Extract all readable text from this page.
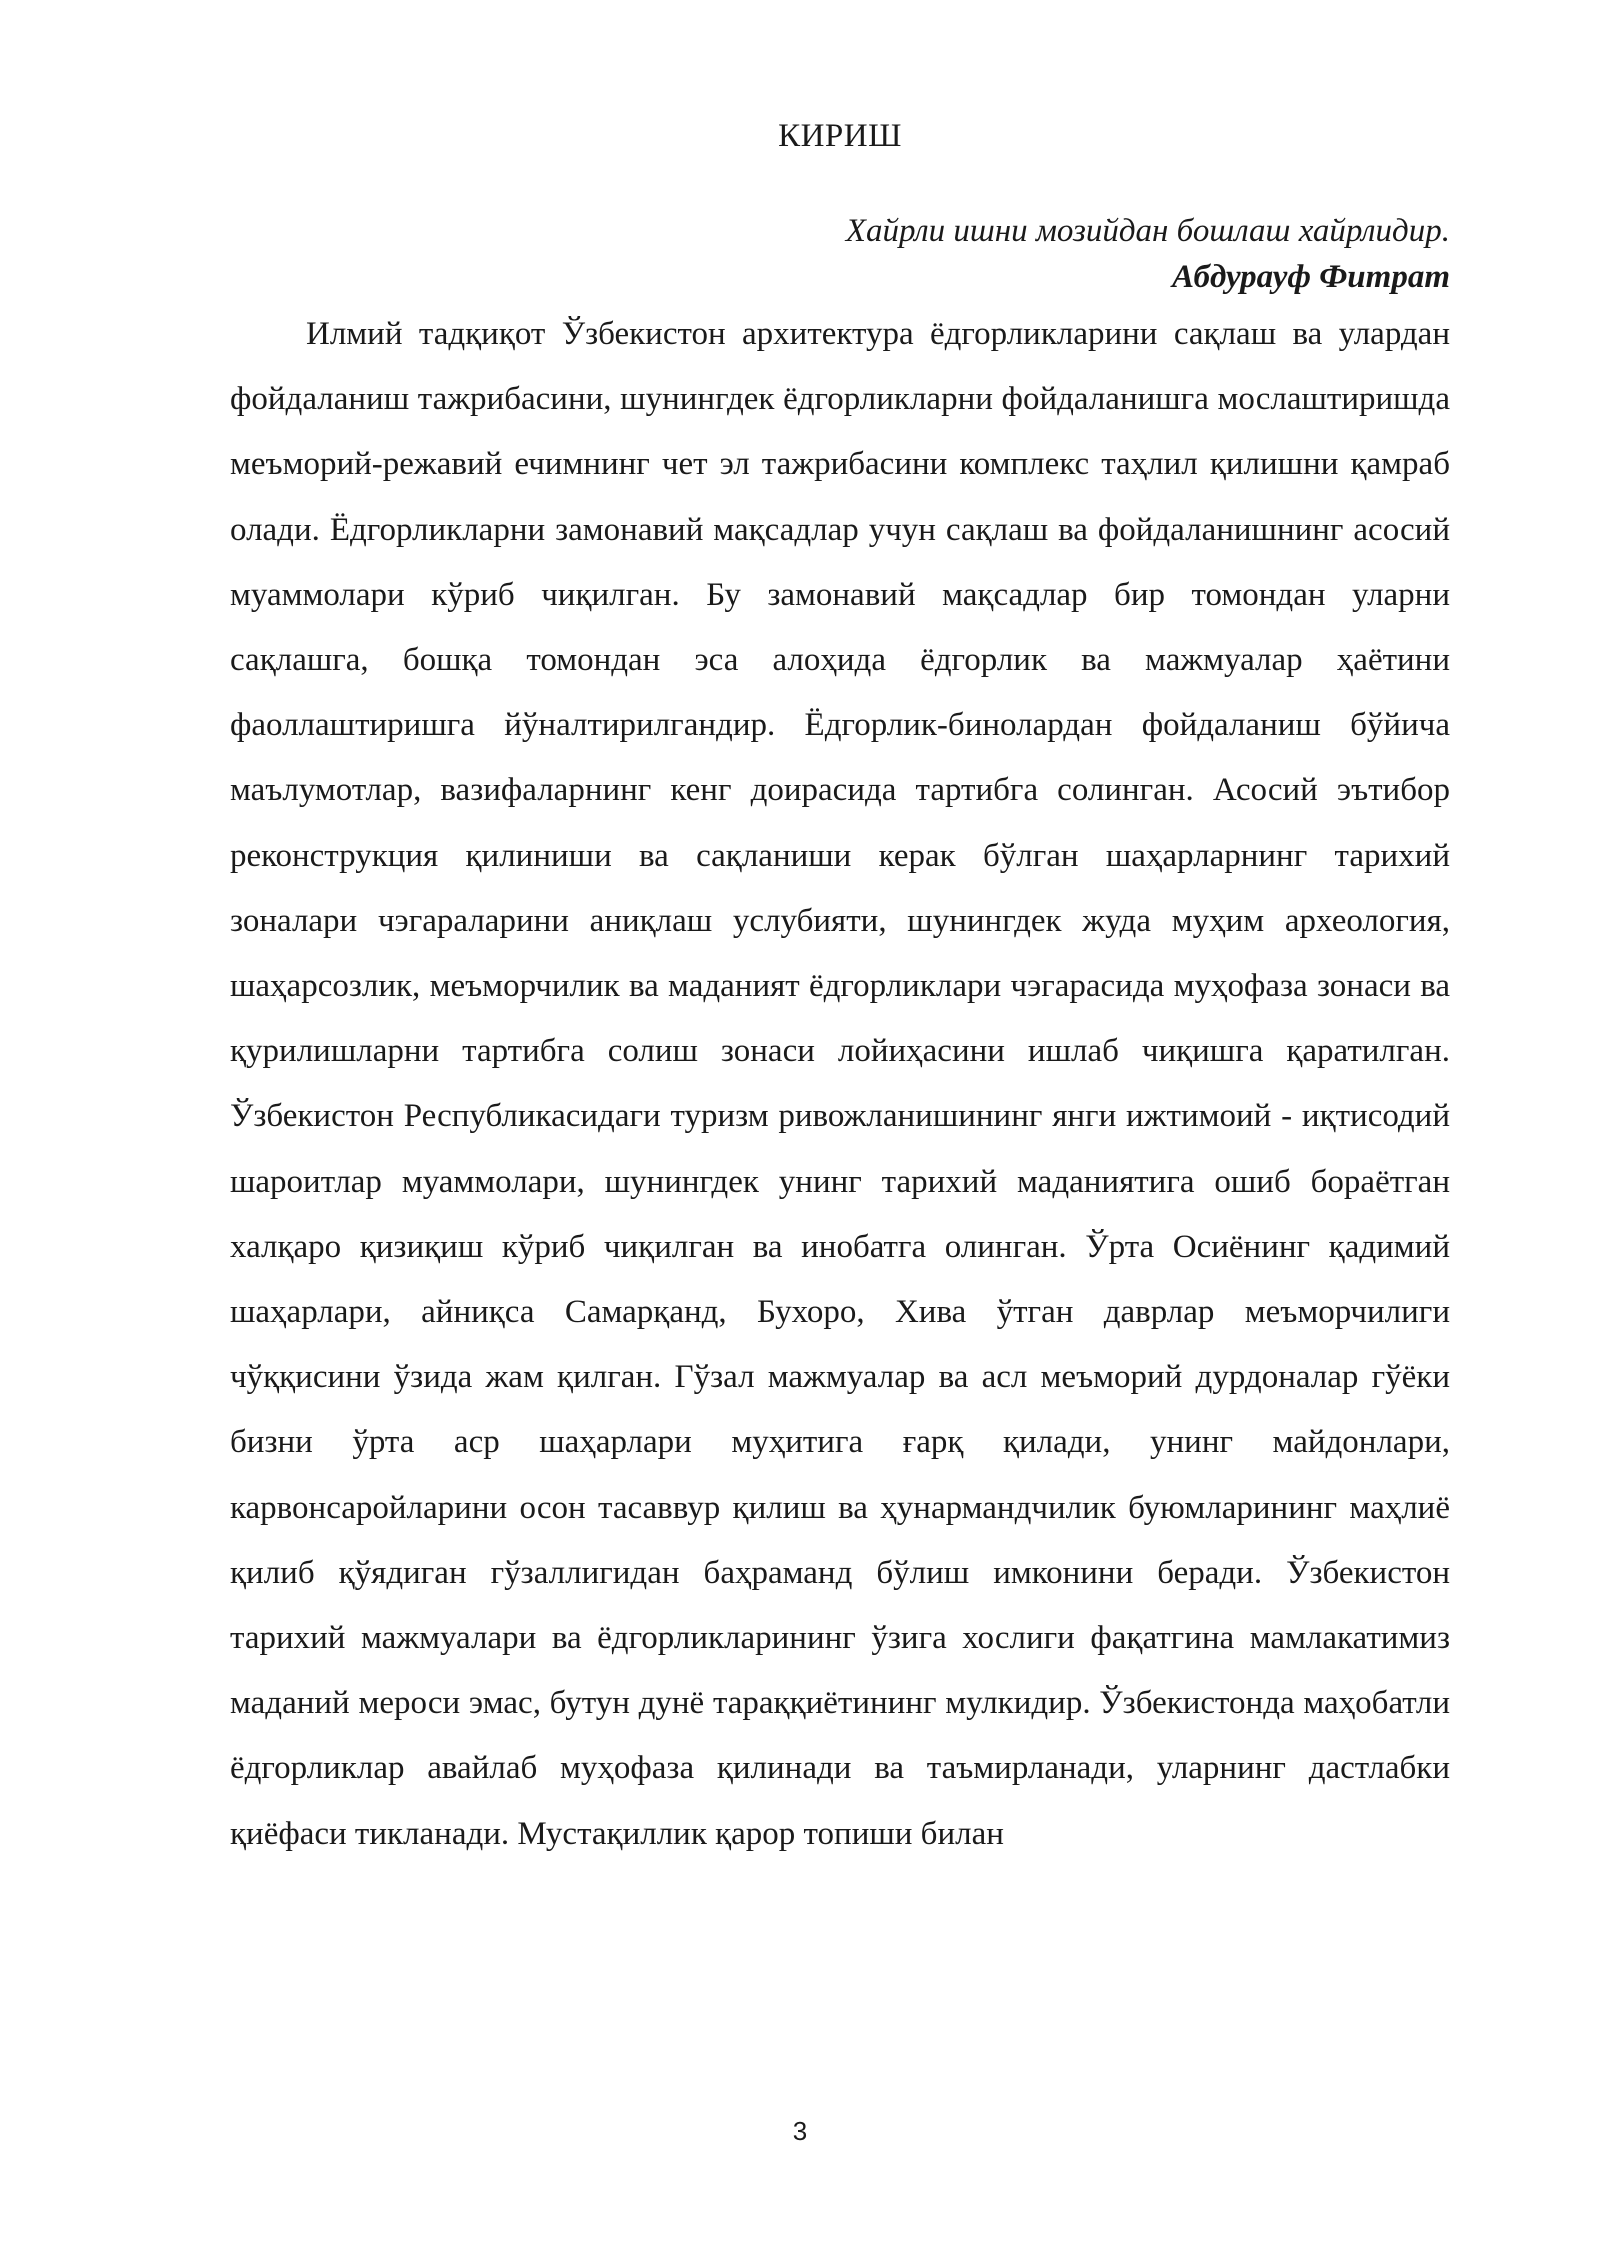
КИРИШ
Хайрли ишни мозийдан бошлаш хайрлидир.
Абдурауф Фитрат

Илмий тадқиқот Ўзбекистон архитектура ёдгорликларини сақлаш ва улардан фойдаланиш тажрибасини, шунингдек ёдгорликларни фойдаланишга мослаштиришда меъморий-режавий ечимнинг чет эл тажрибасини комплекс таҳлил қилишни қамраб олади. Ёдгорликларни замонавий мақсадлар учун сақлаш ва фойдаланишнинг асосий муаммолари кўриб чиқилган. Бу замонавий мақсадлар бир томондан уларни сақлашга, бошқа томондан эса алоҳида ёдгорлик ва мажмуалар ҳаётини фаоллаштиришга йўналтирилгандир. Ёдгорлик-бинолардан фойдаланиш бўйича маълумотлар, вазифаларнинг кенг доирасида тартибга солинган. Асосий эътибор реконструкция қилиниши ва сақланиши керак бўлган шаҳарларнинг тарихий зоналари чэгараларини аниқлаш услубияти, шунингдек жуда муҳим археология, шаҳарсозлик, меъморчилик ва маданият ёдгорликлари чэгарасида муҳофаза зонаси ва қурилишларни тартибга солиш зонаси лойиҳасини ишлаб чиқишга қаратилган. Ўзбекистон Республикасидаги туризм ривожланишининг янги ижтимоий - иқтисодий шароитлар муаммолари, шунингдек унинг тарихий маданиятига ошиб бораётган халқаро қизиқиш кўриб чиқилган ва инобатга олинган. Ўрта Осиёнинг қадимий шаҳарлари, айниқса Самарқанд, Бухоро, Хива ўтган даврлар меъморчилиги чўққисини ўзида жам қилган. Гўзал мажмуалар ва асл меъморий дурдоналар гўёки бизни ўрта аср шаҳарлари муҳитига ғарқ қилади, унинг майдонлари, карвонсаройларини осон тасаввур қилиш ва ҳунармандчилик буюмларининг маҳлиё қилиб қўядиган гўзаллигидан баҳраманд бўлиш имконини беради. Ўзбекистон тарихий мажмуалари ва ёдгорликларининг ўзига хослиги фақатгина мамлакатимиз маданий мероси эмас, бутун дунё тараққиётининг мулкидир. Ўзбекистонда маҳобатли ёдгорликлар авайлаб муҳофаза қилинади ва таъмирланади, уларнинг дастлабки қиёфаси тикланади. Мустақиллик қарор топиши билан

3
